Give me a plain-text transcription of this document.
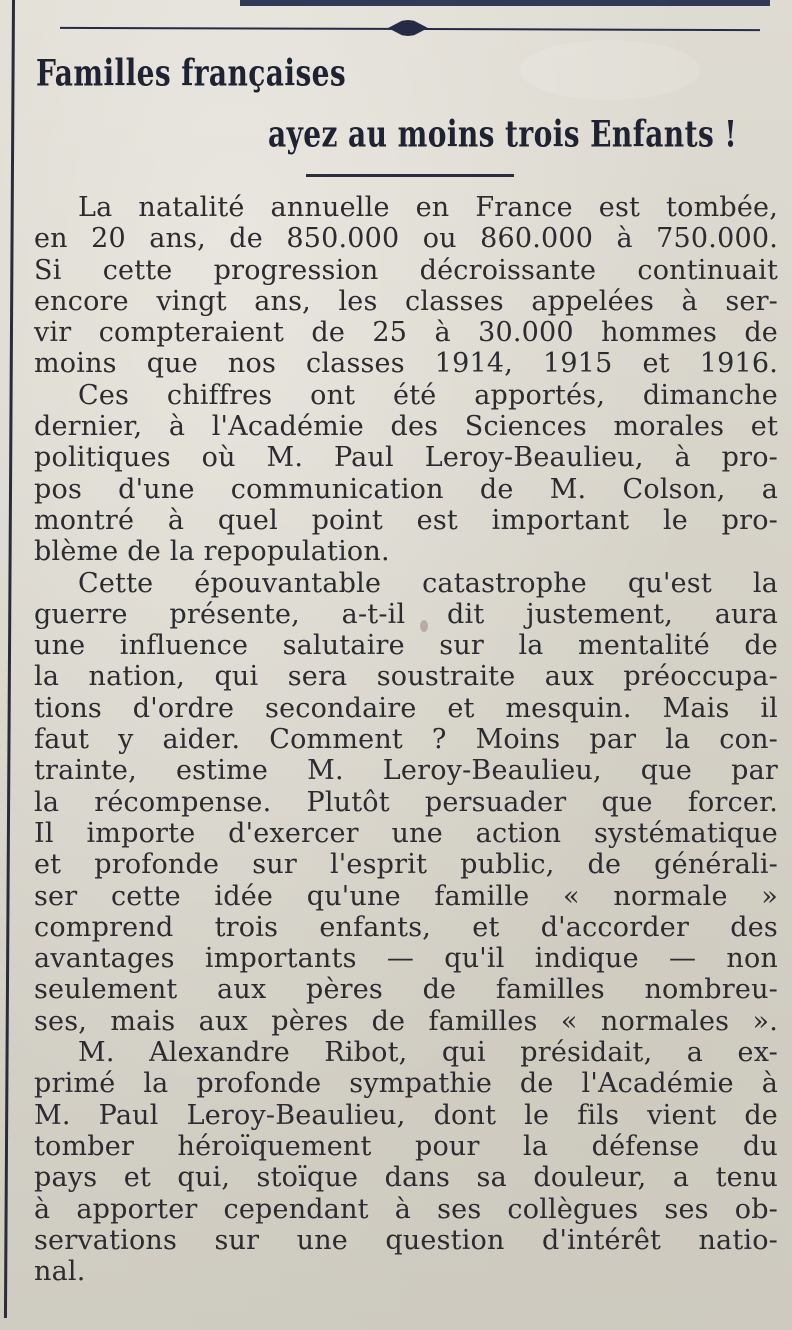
Familles françaises
ayez au moins trois Enfants !
La natalité annuelle en France est tombée,
en 20 ans, de 850.000 ou 860.000 à 750.000.
Si cette progression décroissante continuait
encore vingt ans, les classes appelées à ser-
vir compteraient de 25 à 30.000 hommes de
moins que nos classes 1914, 1915 et 1916.
Ces chiffres ont été apportés, dimanche
dernier, à l'Académie des Sciences morales et
politiques où M. Paul Leroy-Beaulieu, à pro-
pos d'une communication de M. Colson, a
montré à quel point est important le pro-
blème de la repopulation.
Cette épouvantable catastrophe qu'est la
guerre présente, a-t-il dit justement, aura
une influence salutaire sur la mentalité de
la nation, qui sera soustraite aux préoccupa-
tions d'ordre secondaire et mesquin. Mais il
faut y aider. Comment ? Moins par la con-
trainte, estime M. Leroy-Beaulieu, que par
la récompense. Plutôt persuader que forcer.
Il importe d'exercer une action systématique
et profonde sur l'esprit public, de générali-
ser cette idée qu'une famille « normale »
comprend trois enfants, et d'accorder des
avantages importants — qu'il indique — non
seulement aux pères de familles nombreu-
ses, mais aux pères de familles « normales ».
M. Alexandre Ribot, qui présidait, a ex-
primé la profonde sympathie de l'Académie à
M. Paul Leroy-Beaulieu, dont le fils vient de
tomber héroïquement pour la défense du
pays et qui, stoïque dans sa douleur, a tenu
à apporter cependant à ses collègues ses ob-
servations sur une question d'intérêt natio-
nal.
